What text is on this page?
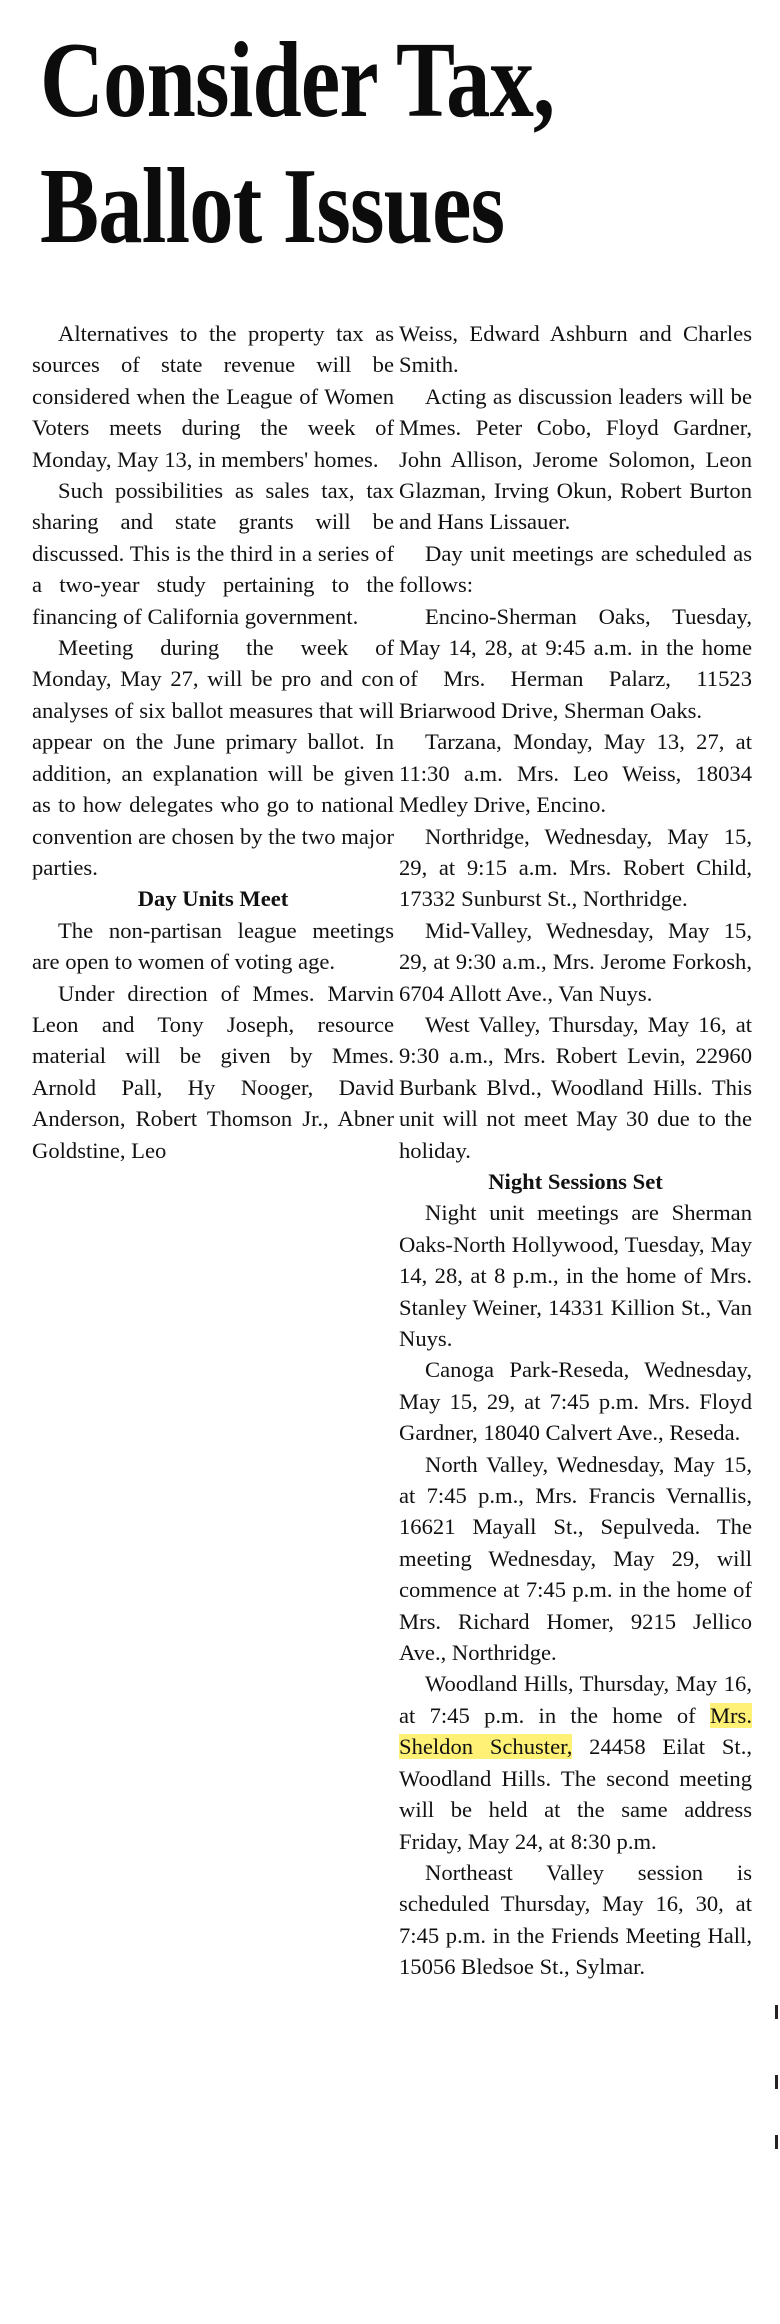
Consider Tax,
Ballot Issues

Alternatives to the property tax as sources of state revenue will be considered when the League of Women Voters meets during the week of Monday, May 13, in members' homes.

Such possibilities as sales tax, tax sharing and state grants will be discussed. This is the third in a series of a two-year study pertaining to the financing of California government.

Meeting during the week of Monday, May 27, will be pro and con analyses of six ballot measures that will appear on the June primary ballot. In addition, an explanation will be given as to how delegates who go to national convention are chosen by the two major parties.

Day Units Meet

The non-partisan league meetings are open to women of voting age.

Under direction of Mmes. Marvin Leon and Tony Joseph, resource material will be given by Mmes. Arnold Pall, Hy Nooger, David Anderson, Robert Thomson Jr., Abner Goldstine, Leo

Weiss, Edward Ashburn and Charles Smith.

Acting as discussion leaders will be Mmes. Peter Cobo, Floyd Gardner, John Allison, Jerome Solomon, Leon Glazman, Irving Okun, Robert Burton and Hans Lissauer.

Day unit meetings are scheduled as follows:

Encino-Sherman Oaks, Tuesday, May 14, 28, at 9:45 a.m. in the home of Mrs. Herman Palarz, 11523 Briarwood Drive, Sherman Oaks.

Tarzana, Monday, May 13, 27, at 11:30 a.m. Mrs. Leo Weiss, 18034 Medley Drive, Encino.

Northridge, Wednesday, May 15, 29, at 9:15 a.m. Mrs. Robert Child, 17332 Sunburst St., Northridge.

Mid-Valley, Wednesday, May 15, 29, at 9:30 a.m., Mrs. Jerome Forkosh, 6704 Allott Ave., Van Nuys.

West Valley, Thursday, May 16, at 9:30 a.m., Mrs. Robert Levin, 22960 Burbank Blvd., Woodland Hills. This unit will not meet May 30 due to the holiday.

Night Sessions Set

Night unit meetings are Sherman Oaks-North Hollywood, Tuesday, May 14, 28, at 8 p.m., in the home of Mrs. Stanley Weiner, 14331 Killion St., Van Nuys.

Canoga Park-Reseda, Wednesday, May 15, 29, at 7:45 p.m. Mrs. Floyd Gardner, 18040 Calvert Ave., Reseda.

North Valley, Wednesday, May 15, at 7:45 p.m., Mrs. Francis Vernallis, 16621 Mayall St., Sepulveda. The meeting Wednesday, May 29, will commence at 7:45 p.m. in the home of Mrs. Richard Homer, 9215 Jellico Ave., Northridge.

Woodland Hills, Thursday, May 16, at 7:45 p.m. in the home of Mrs. Sheldon Schuster, 24458 Eilat St., Woodland Hills. The second meeting will be held at the same address Friday, May 24, at 8:30 p.m.

Northeast Valley session is scheduled Thursday, May 16, 30, at 7:45 p.m. in the Friends Meeting Hall, 15056 Bledsoe St., Sylmar.
